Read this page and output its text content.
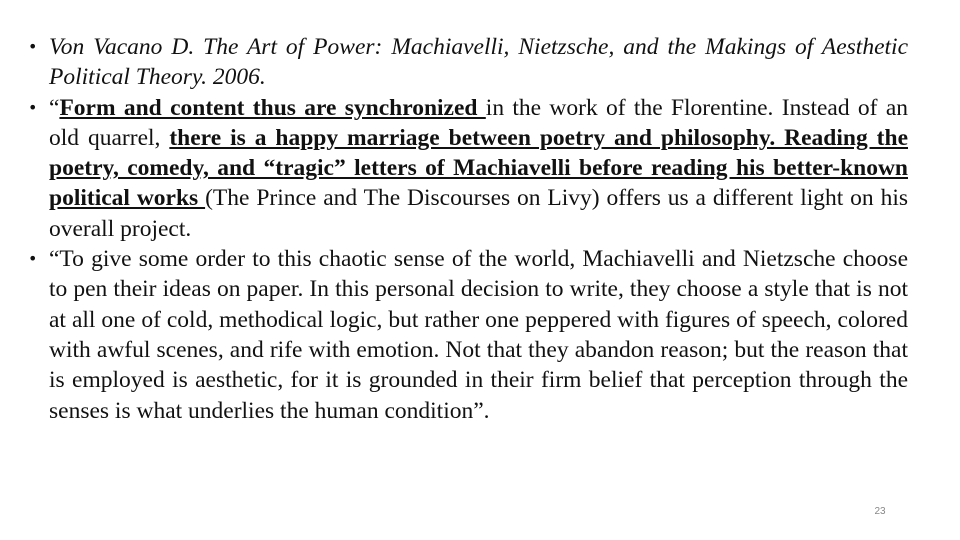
• Von Vacano D. The Art of Power: Machiavelli, Nietzsche, and the Makings of Aesthetic Political Theory. 2006.
• “Form and content thus are synchronized in the work of the Florentine. Instead of an old quarrel, there is a happy marriage between poetry and philosophy. Reading the poetry, comedy, and “tragic” letters of Machiavelli before reading his better-known political works (The Prince and The Discourses on Livy) offers us a different light on his overall project.
• “To give some order to this chaotic sense of the world, Machiavelli and Nietzsche choose to pen their ideas on paper. In this personal decision to write, they choose a style that is not at all one of cold, methodical logic, but rather one peppered with figures of speech, colored with awful scenes, and rife with emotion. Not that they abandon reason; but the reason that is employed is aesthetic, for it is grounded in their firm belief that perception through the senses is what underlies the human condition”.
23
